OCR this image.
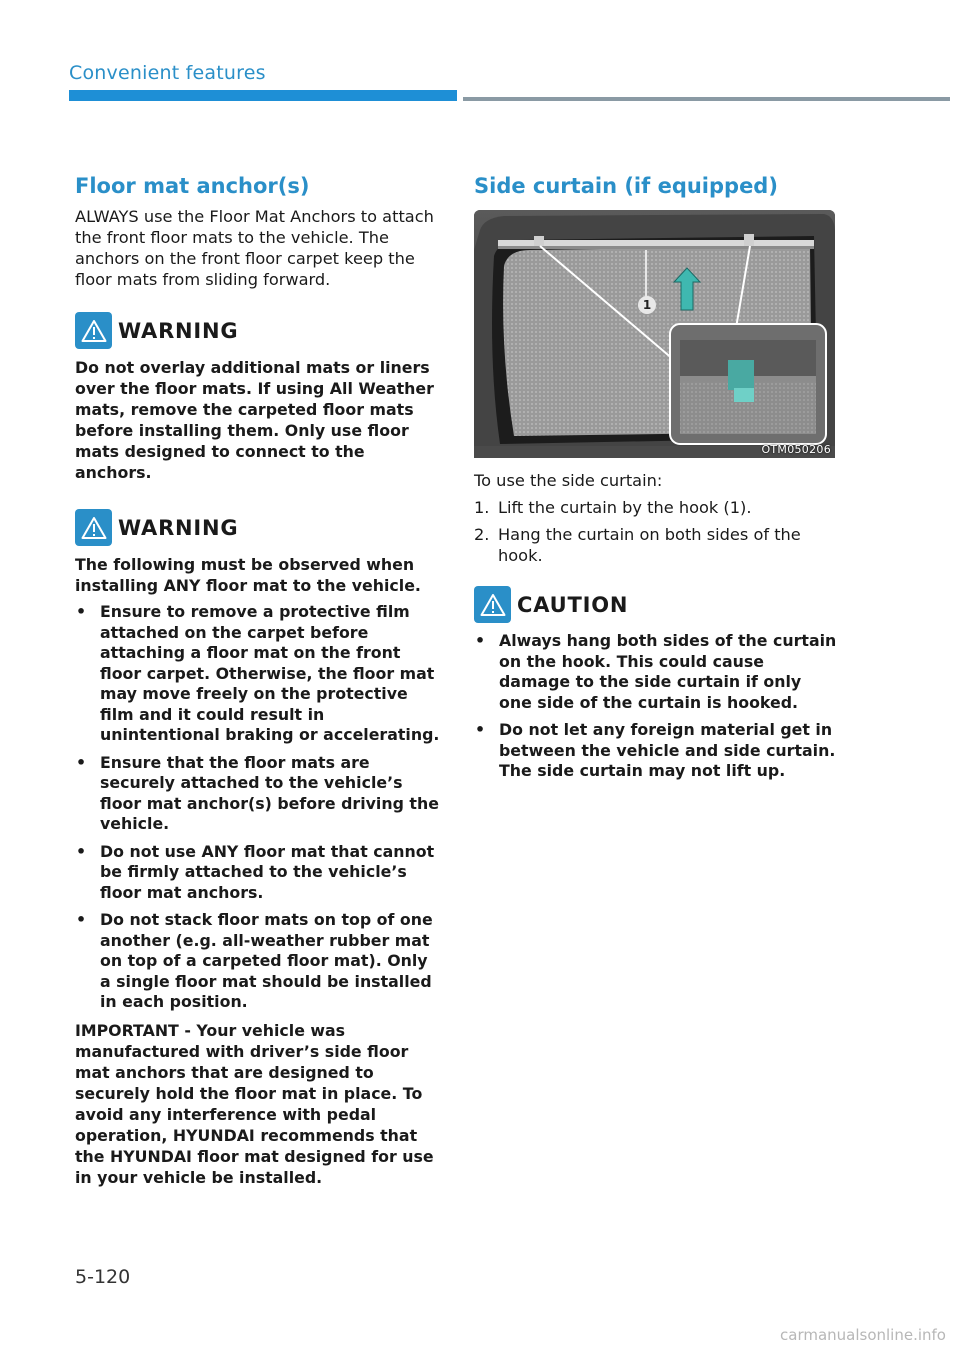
Convenient features
Floor mat anchor(s)

ALWAYS use the Floor Mat Anchors to attach the front floor mats to the vehicle. The anchors on the front floor carpet keep the floor mats from sliding forward.

WARNING

Do not overlay additional mats or liners over the floor mats. If using All Weather mats, remove the carpeted floor mats before installing them. Only use floor mats designed to connect to the anchors.

WARNING

The following must be observed when installing ANY floor mat to the vehicle.

• Ensure to remove a protective film attached on the carpet before attaching a floor mat on the front floor carpet. Otherwise, the floor mat may move freely on the protective film and it could result in unintentional braking or accelerating.
• Ensure that the floor mats are securely attached to the vehicle’s floor mat anchor(s) before driving the vehicle.
• Do not use ANY floor mat that cannot be firmly attached to the vehicle’s floor mat anchors.
• Do not stack floor mats on top of one another (e.g. all-weather rubber mat on top of a carpeted floor mat). Only a single floor mat should be installed in each position.

IMPORTANT - Your vehicle was manufactured with driver’s side floor mat anchors that are designed to securely hold the floor mat in place. To avoid any interference with pedal operation, HYUNDAI recommends that the HYUNDAI floor mat designed for use in your vehicle be installed.

Side curtain (if equipped)
1
OTM050206

To use the side curtain:

1. Lift the curtain by the hook (1).
2. Hang the curtain on both sides of the hook.
CAUTION
• Always hang both sides of the curtain on the hook. This could cause damage to the side curtain if only one side of the curtain is hooked.
• Do not let any foreign material get in between the vehicle and side curtain. The side curtain may not lift up.
5-120
carmanualsonline.info
